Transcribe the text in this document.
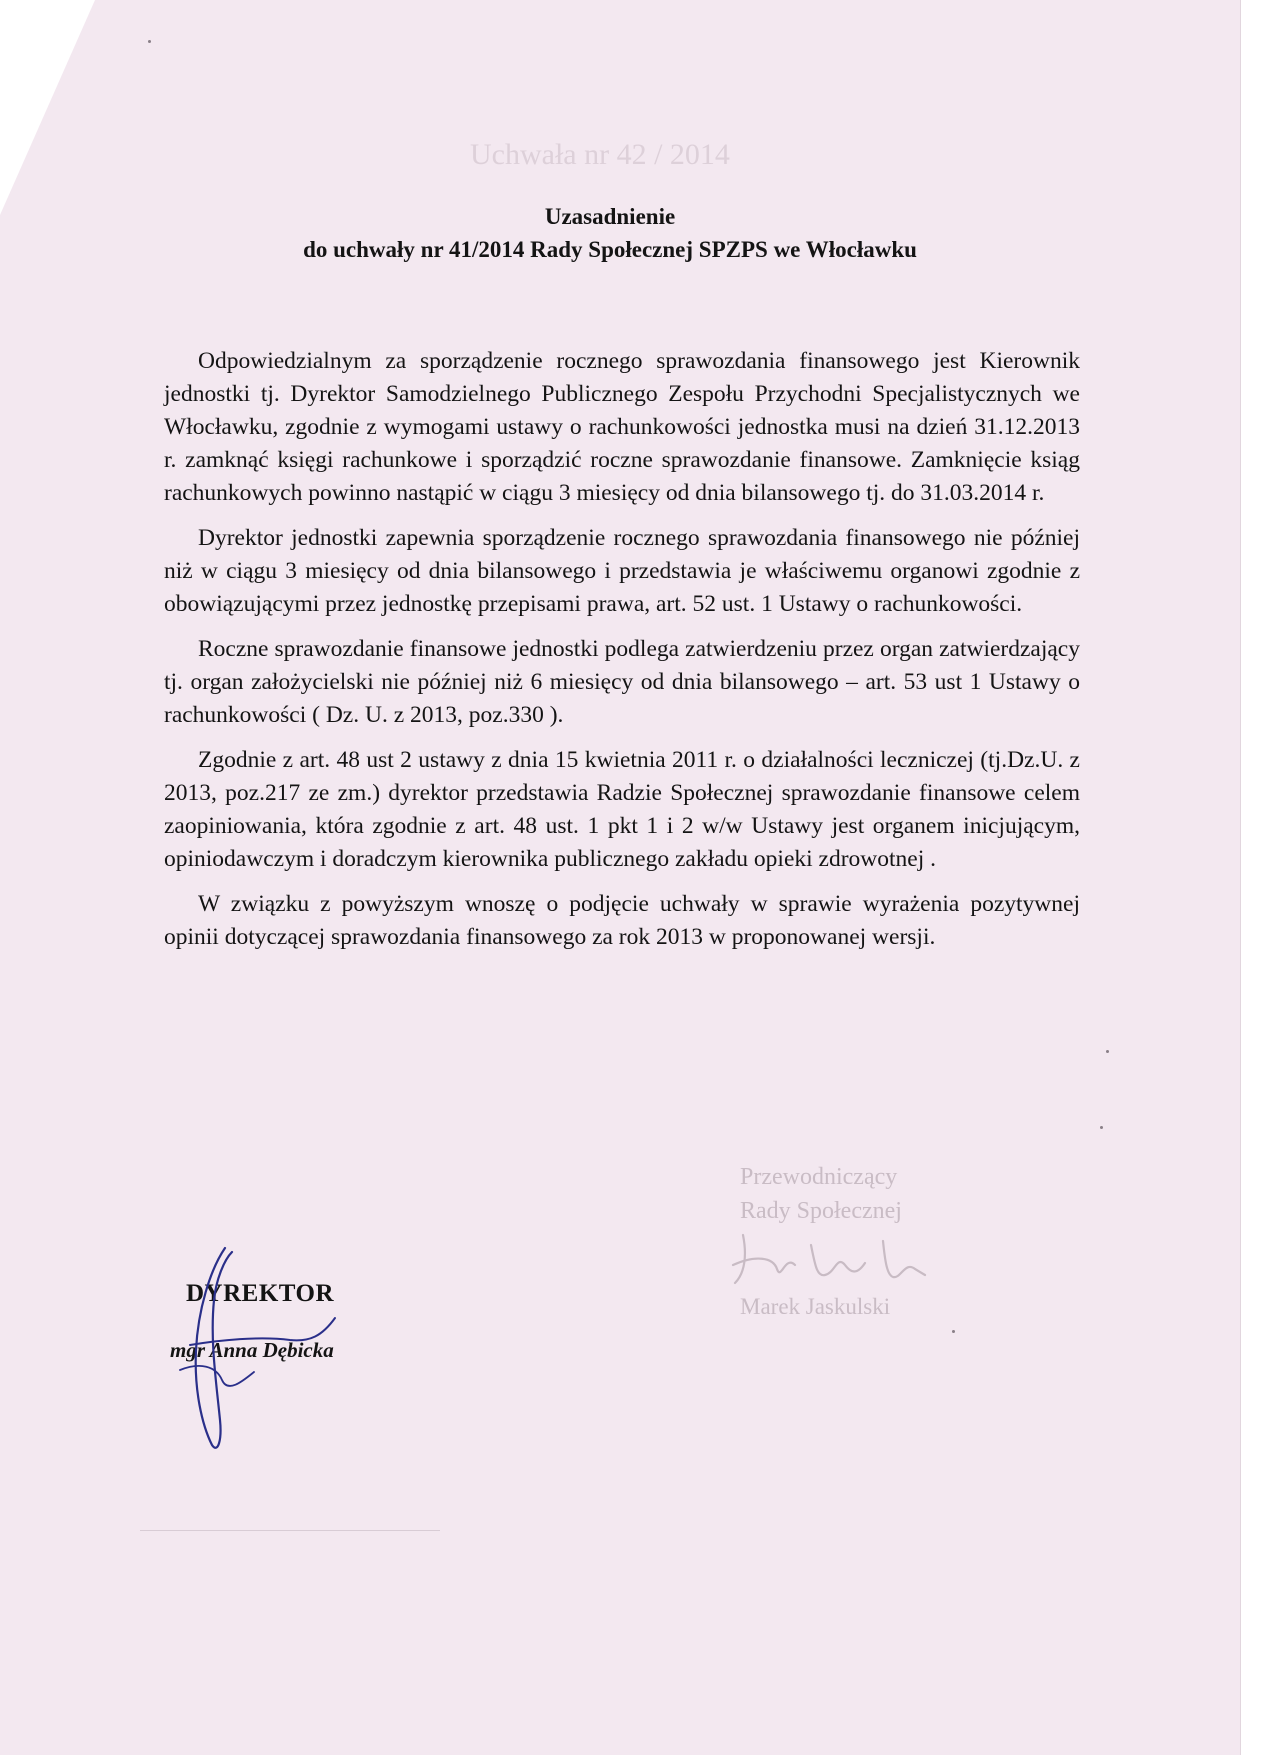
Uchwała nr 42 / 2014
Przewodniczący
Rady Społecznej
Marek Jaskulski
Uzasadnienie
do uchwały nr 41/2014 Rady Społecznej SPZPS we Włocławku

Odpowiedzialnym za sporządzenie rocznego sprawozdania finansowego jest Kierownik jednostki tj. Dyrektor Samodzielnego Publicznego Zespołu Przychodni Specjalistycznych we Włocławku, zgodnie z wymogami ustawy o rachunkowości jednostka musi na dzień 31.12.2013 r. zamknąć księgi rachunkowe i sporządzić roczne sprawozdanie finansowe. Zamknięcie ksiąg rachunkowych powinno nastąpić w ciągu 3 miesięcy od dnia bilansowego tj. do 31.03.2014 r.

Dyrektor jednostki zapewnia sporządzenie rocznego sprawozdania finansowego nie później niż w ciągu 3 miesięcy od dnia bilansowego i przedstawia je właściwemu organowi zgodnie z obowiązującymi przez jednostkę przepisami prawa, art. 52 ust. 1 Ustawy o rachunkowości.

Roczne sprawozdanie finansowe jednostki podlega zatwierdzeniu przez organ zatwierdzający tj. organ założycielski nie później niż 6 miesięcy od dnia bilansowego – art. 53 ust 1 Ustawy o rachunkowości ( Dz. U. z 2013, poz.330 ).

Zgodnie z art. 48 ust 2 ustawy z dnia 15 kwietnia 2011 r. o działalności leczniczej (tj.Dz.U. z 2013, poz.217 ze zm.) dyrektor przedstawia Radzie Społecznej sprawozdanie finansowe celem zaopiniowania, która zgodnie z art. 48 ust. 1 pkt 1 i 2 w/w Ustawy jest organem inicjującym, opiniodawczym i doradczym kierownika publicznego zakładu opieki zdrowotnej .

W związku z powyższym wnoszę o podjęcie uchwały w sprawie wyrażenia pozytywnej opinii dotyczącej sprawozdania finansowego za rok 2013 w proponowanej wersji.

DYREKTOR
mgr Anna Dębicka
